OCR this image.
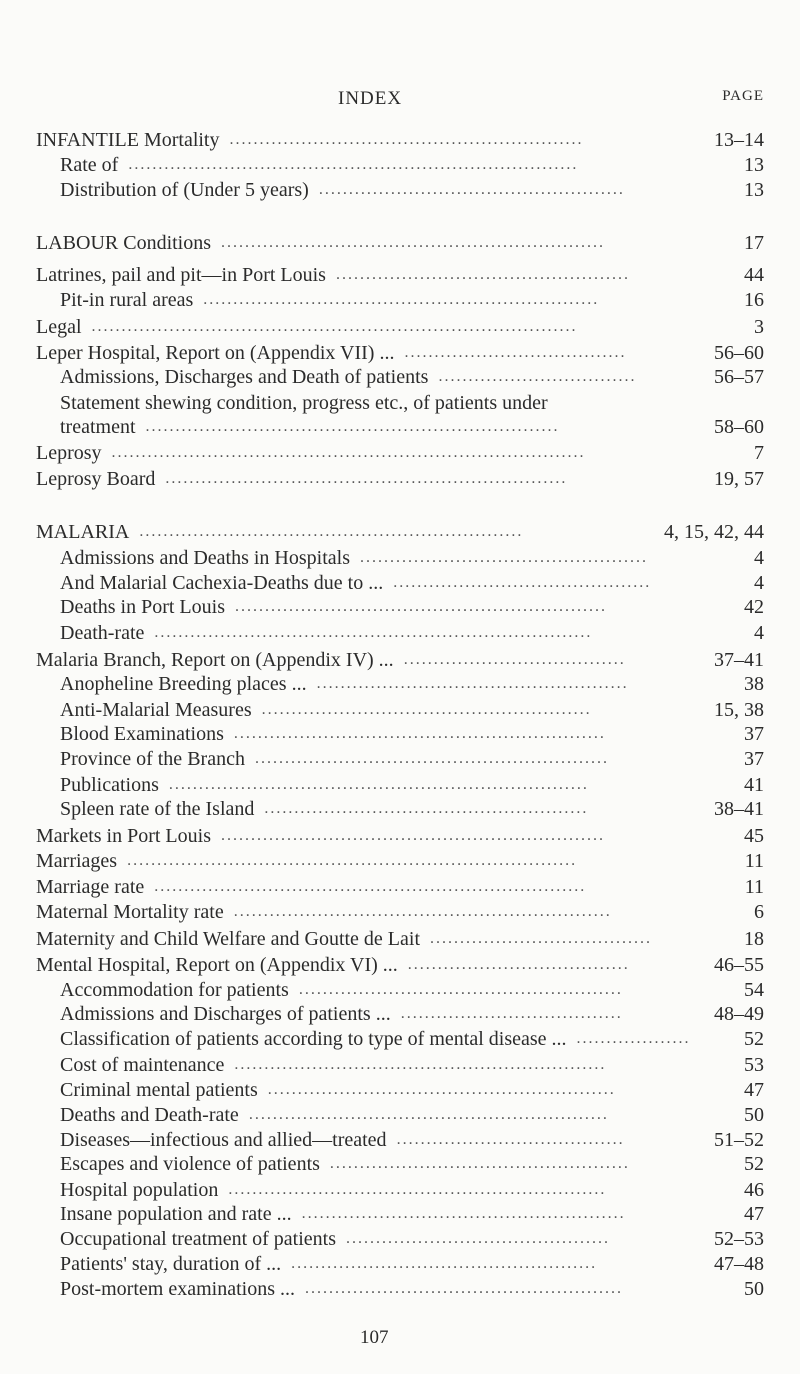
INDEX	PAGE
INFANTILE Mortality	13–14
...........................................................
Rate of	13
...........................................................................
Distribution of (Under 5 years)	13
...................................................
LABOUR Conditions	17
................................................................
Latrines, pail and pit—in Port Louis	44
.................................................
Pit-in rural areas	16
..................................................................
Legal	3
.................................................................................
Leper Hospital, Report on (Appendix VII) ...	56–60
.....................................
Admissions, Discharges and Death of patients	56–57
.................................
Statement shewing condition, progress etc., of patients under
treatment	58–60
.....................................................................
Leprosy	7
...............................................................................
Leprosy Board	19, 57
...................................................................
MALARIA	4, 15, 42, 44
................................................................
Admissions and Deaths in Hospitals	4
................................................
And Malarial Cachexia-Deaths due to ...	4
...........................................
Deaths in Port Louis	42
..............................................................
Death-rate	4
.........................................................................
Malaria Branch, Report on (Appendix IV) ...	37–41
.....................................
Anopheline Breeding places ...	38
....................................................
Anti-Malarial Measures	15, 38
.......................................................
Blood Examinations	37
..............................................................
Province of the Branch	37
...........................................................
Publications	41
......................................................................
Spleen rate of the Island	38–41
......................................................
Markets in Port Louis	45
................................................................
Marriages	11
...........................................................................
Marriage rate	11
........................................................................
Maternal Mortality rate	6
...............................................................
Maternity and Child Welfare and Goutte de Lait	18
.....................................
Mental Hospital, Report on (Appendix VI) ...	46–55
.....................................
Accommodation for patients	54
......................................................
Admissions and Discharges of patients ...	48–49
.....................................
Classification of patients according to type of mental disease ...	52
...................
Cost of maintenance	53
..............................................................
Criminal mental patients	47
..........................................................
Deaths and Death-rate	50
............................................................
Diseases—infectious and allied—treated	51–52
......................................
Escapes and violence of patients	52
..................................................
Hospital population	46
...............................................................
Insane population and rate ...	47
......................................................
Occupational treatment of patients	52–53
............................................
Patients' stay, duration of ...	47–48
...................................................
Post-mortem examinations ...	50
.....................................................
107
